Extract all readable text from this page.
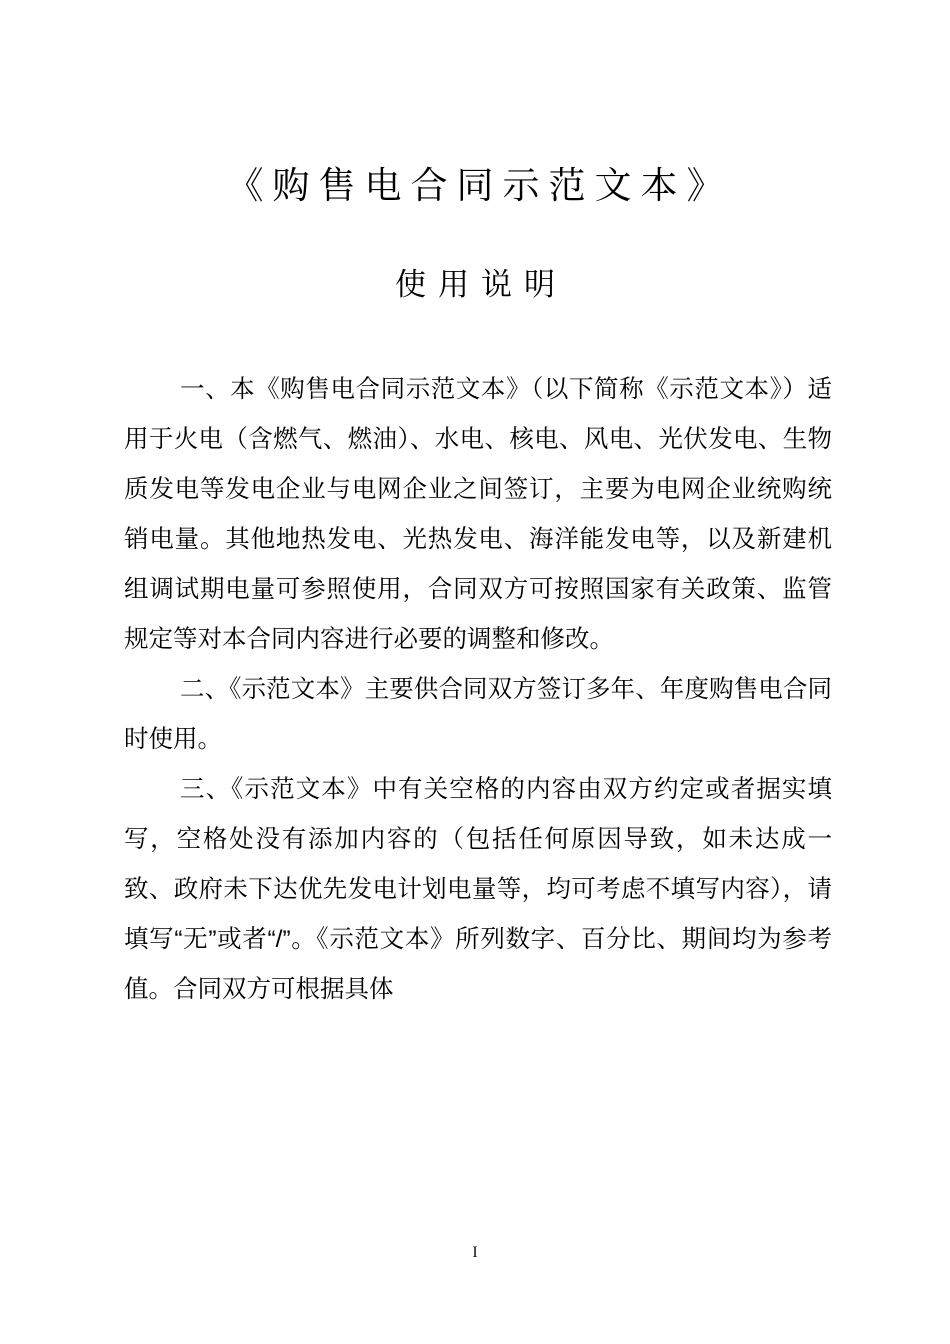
《购售电合同示范文本》
使用说明

一、本《购售电合同示范文本》（以下简称《示范文本》）适用于火电（含燃气、燃油）、水电、核电、风电、光伏发电、生物质发电等发电企业与电网企业之间签订，主要为电网企业统购统销电量。其他地热发电、光热发电、海洋能发电等，以及新建机组调试期电量可参照使用，合同双方可按照国家有关政策、监管规定等对本合同内容进行必要的调整和修改。

二、《示范文本》主要供合同双方签订多年、年度购售电合同时使用。

三、《示范文本》中有关空格的内容由双方约定或者据实填写，空格处没有添加内容的（包括任何原因导致，如未达成一致、政府未下达优先发电计划电量等，均可考虑不填写内容），请填写“无”或者“/”。《示范文本》所列数字、百分比、期间均为参考值。合同双方可根据具体

I
